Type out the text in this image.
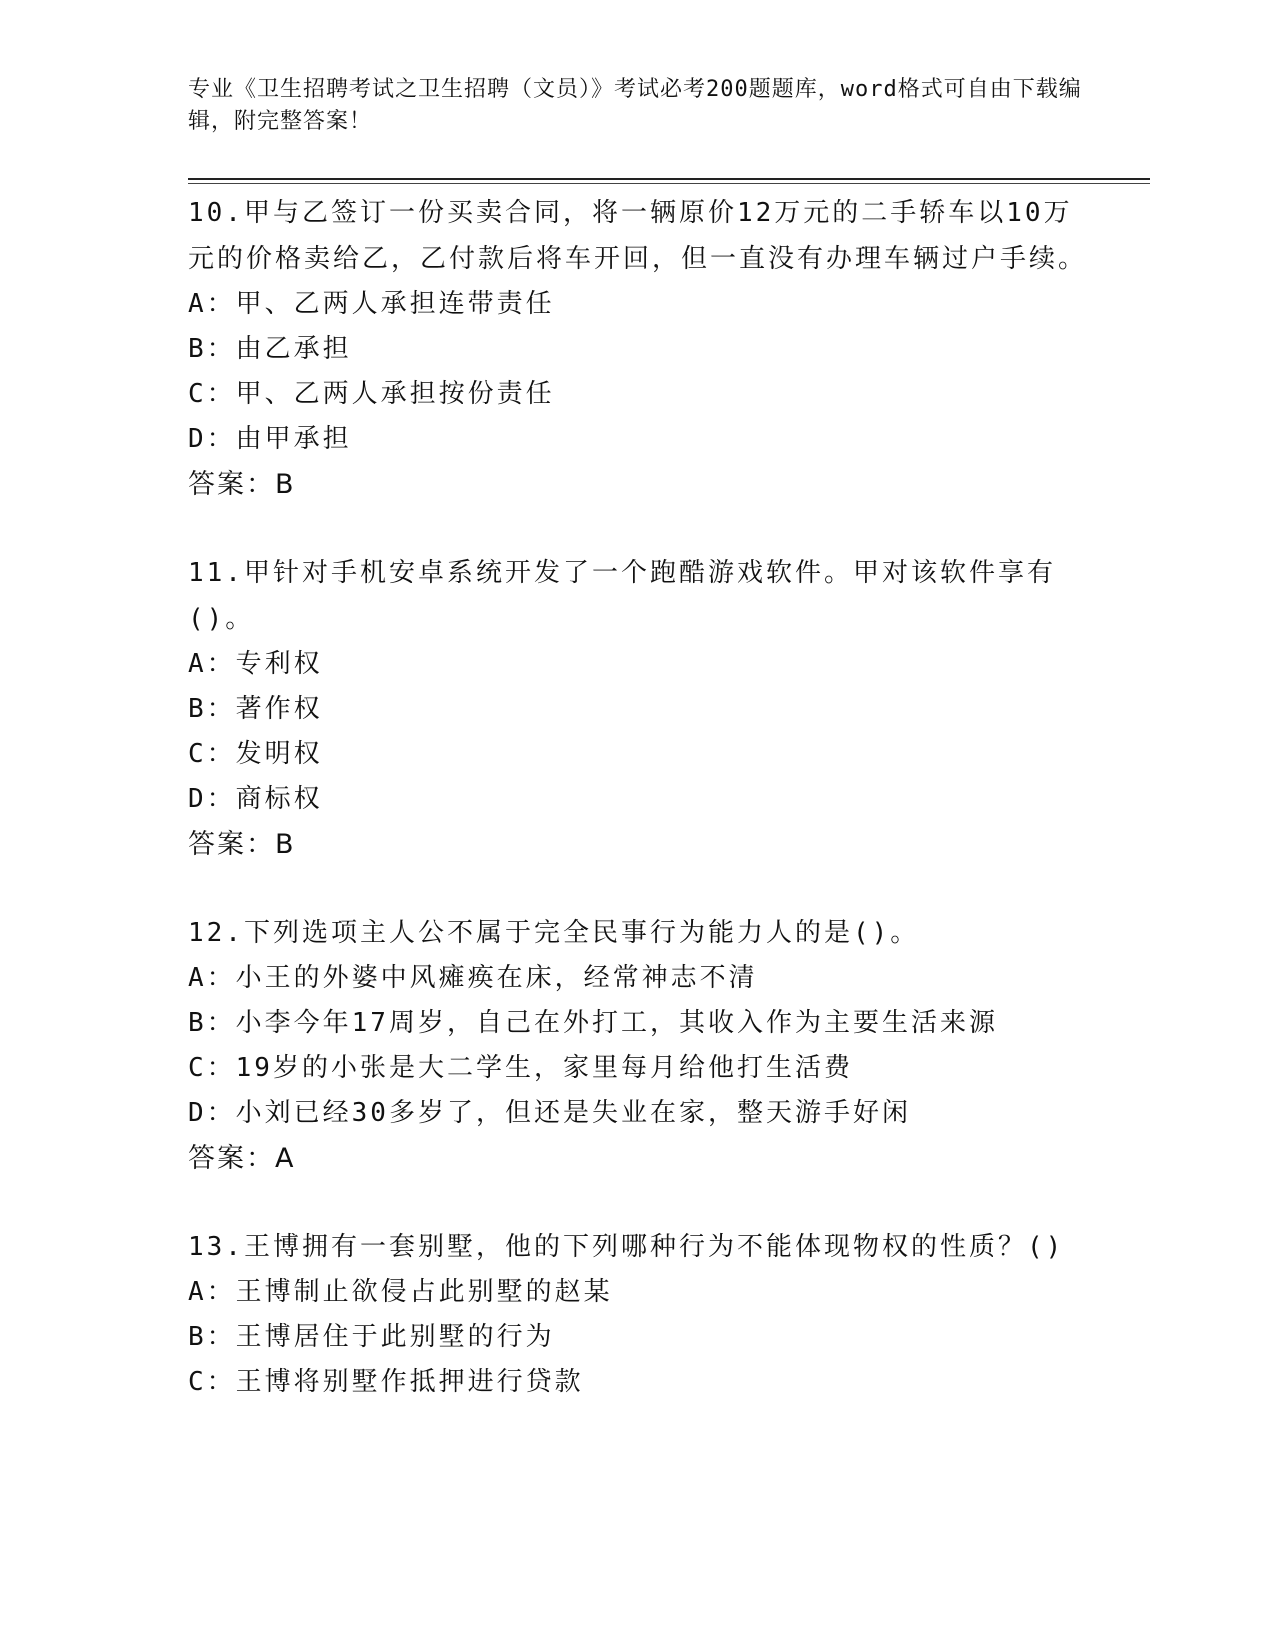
专业《卫生招聘考试之卫生招聘（文员）》考试必考200题题库，word格式可自由下载编辑，附完整答案！
10.甲与乙签订一份买卖合同，将一辆原价12万元的二手轿车以10万元的价格卖给乙，乙付款后将车开回，但一直没有办理车辆过户手续。
A：甲、乙两人承担连带责任
B：由乙承担
C：甲、乙两人承担按份责任
D：由甲承担
答案：B
11.甲针对手机安卓系统开发了一个跑酷游戏软件。甲对该软件享有()。
A：专利权
B：著作权
C：发明权
D：商标权
答案：B
12.下列选项主人公不属于完全民事行为能力人的是()。
A：小王的外婆中风瘫痪在床，经常神志不清
B：小李今年17周岁，自己在外打工，其收入作为主要生活来源
C：19岁的小张是大二学生，家里每月给他打生活费
D：小刘已经30多岁了，但还是失业在家，整天游手好闲
答案：A
13.王博拥有一套别墅，他的下列哪种行为不能体现物权的性质？()
A：王博制止欲侵占此别墅的赵某
B：王博居住于此别墅的行为
C：王博将别墅作抵押进行贷款
